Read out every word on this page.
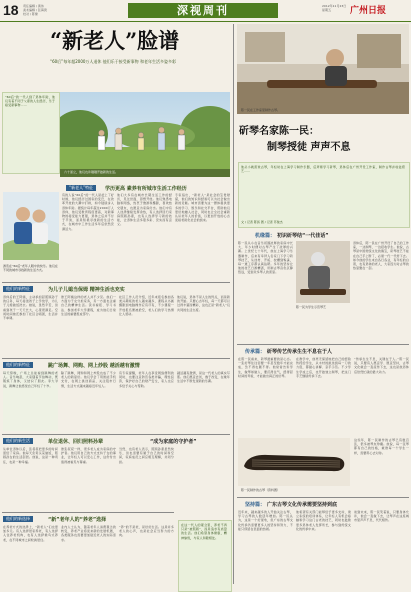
18 责任编辑 / 黄伟
美术编辑 / 张海滨
校对 / 陈健	深视周刊	2012年11月23日
星期五	广州日报
“新老人”脸谱
“60后”每年超2000万人退休 他们乐于接受新事物 和老年生活多姿多彩
“60后”的一代人到了退休年龄，他们有着不同于父辈的人生经历，乐于接受新事物……
六十而立，他们也许刚刚开始新的生活。
“新老人”特征	学历更高 素养有所城市生活工作经历
游览在“60后”老年人眼中的快乐。他们在不同的城市寻找新的生活方式。
有的人说“60后”的一代人是赶上了好时候，他们经历过国家的变迁，在改革开放的大潮中打拼，如今陆续步入退休年龄。据统计每年超过2000万人退休，他们受教育程度更高，对新事物的接受能力更强，退休之后并不甘于平淡，而是积极寻找新的生活方式，在城市中工作生活多年后依然充满活力。
他们大多有在城市长期生活工作的经历，见过世面，思想开放。他们熟悉电脑和网络，热衷于旅游和摄影，喜欢结交朋友，也愿意为家庭付出。他们中有人选择继续发挥余热，有人选择回归家庭照顾孙辈，也有人选择学习新的技能，让退休生活多姿多彩、充实而有意义。
专家指出，“新老人”是社会的宝贵财富，他们的知识和经验可以为社会做出新的贡献。城市需要为这一群体提供更多的学习、娱乐和社交平台，帮助他们更好地融入社会，同时也让全社会重新认识老年人的价值，以更加开放的心态迎接老龄化社会的到来。
他们的新特征	为儿子儿媳当保姆 精神生活也充实
退休后的王阿姨，主动承担起照顾孙子的任务，每天接送孩子上学放学，为儿子儿媳做饭洗衣。她说，虽然辛苦，但看到孩子一天天长大，心里很满足。空闲时间她还参加了社区合唱团，生活并不单调。
像王阿姨这样的老人并不少见。他们一方面为子女分担家务，另一方面也注重自己的精神生活。读书看报、学习书法、参加老年大学课程，成为他们日常生活的重要组成部分。
社区工作人员介绍，近年来报名参加各类兴趣班的老人越来越多，课程从书画摄影到电脑操作应有尽有，不少课程一开放报名便被抢空，老人们的学习热情让人感动。
他们说，退休不是人生的终点，而是新的开始。只要心态年轻，每一天都可以过得丰富而精彩，这也正是“新老人”们共同的生活态度。
他们的新特征	跳广场舞、网购、网上炒股 越活越有激情
每天傍晚，广场上总能看到跳舞的老人。音乐响起，大家随着节拍舞动，既锻炼了身体，又结识了朋友。李大爷说，跳舞让他感觉自己年轻了十岁。
除了跳舞，网购和网上炒股也成了不少老人的新爱好。他们学会了用智能手机支付，在网上挑选商品，关注股市行情，生活方式越来越接近年轻人。
有专家提醒，老年人在享受网络便利的同时，也要注意防范各类诈骗，理性投资，保护好自己的财产安全，家人也应多给予关心与帮助。
越活越有激情，是这一代老人的真实写照。他们愿意尝试，敢于改变，在晚年生活中不断发现新的乐趣。
他们的新生活	单位退休、回归照料孙辈	“成为家庭的守护者”
从单位退休以后，张叔叔把更多的时间留给了家庭。他每天负责买菜做饭，照顾孙女的生活起居。他说，这是一种责任，也是一种幸福。
像张叔叔一样，很多老人成为家庭的守护者。他们用自己的方式支持子女的事业，让年轻人可以安心工作，这份付出值得被看见与尊重。
当然，也有老人表示，照顾孙辈虽然快乐，但也需要有属于自己的时间和空间，家庭成员之间应相互理解，共同分担。
在这一代人的观念里，养老不再只是“被照顾”，而是追求有质量的生活。他们希望身体健康，精神愉悦，与家人和睦相处。
他们的新选择	“新”老年人的“养老”选择
在养老方式的选择上，“新老人”们也更加多元。有人选择居家养老，有人选择入住养老机构，也有人选择候鸟式养老，在不同城市之间轮换居住。
业内人士认为，随着老年人消费观念的转变，养老产业将迎来新的发展机遇，各类服务也需要更加贴近老人的实际需求。
“养”的不是老，是好好生活。这是许多老人的心声，也是社会应当努力的方向。
陈一民在工作室里制作古琴。
斫琴名家陈一民：
制琴授徒 声声不息
他从小就喜欢古琴，年轻时在上海学习制作乐器，后拜师学习斫琴，退休后在广州开设工作室，制作古琴并收徒授艺……
文 / 记者 陈扬 图 / 记者 苏俊杰
机缘篇： 初识斫琴结“一代佳话”
陈一民从小在音乐氛围浓厚的家庭中长大，年少时便对古琴产生了浓厚的兴趣。上世纪七十年代，他在上海学习乐器制作，后来有幸拜入名家门下学习斫琴技艺，从选材、开板、挖槽到髹漆，每一道工序都认真钻研。多年的坚持让他的技艺日渐精湛，所制古琴音色沉静悠远，受到众多琴人的喜爱。
陈一民为学生示范琴艺
退休后，陈一民在广州开设了自己的工作室，一边制琴，一边招收学生。他说，古琴是中国传统文化的瑰宝，斫琴技艺不能在自己手上断了，必须一代一代传下去。如今他的学生来自各行各业，有年轻的白领，也有退休的老人，大家因为对古琴的热爱聚在一起。
传承篇： 斫琴传艺传承生生不息在于人
在陈一民看来，斫琴最重要的是心态。一张好琴往往需要一年甚至数年才能完成，急不得也躁不得。他常常告诉学生，做琴如做人，要沉得住气，经得起时间的考验，才能做出真正的好琴。
在教学中，他毫无保留地把自己的经验传授给学生，从木材的挑选到每一刀的力度，都耐心讲解、亲手示范。不少学生学成之后，也开始独立制琴，把这门手艺继续传承下去。
“传承生生不息，关键在于人。”陈一民说，只要有人愿意学、愿意坚持，古琴文化就会一直流传下去，这也是他退休后依然忙碌的最大动力。
陈一民制作的古琴（资料图）
这些年，陈一民制作的古琴已有数百张，很多被琴友珍藏。他说，每一张琴都有自己的性格，就像每一个学生一样，需要用心去对待。
坚持篇： 广东古琴文化传承需要坚持到底
近年来，越来越多的人开始关注古琴，学习古琴的人数逐年增加。陈一民认为，这是一个好现象，但广东的古琴文化传承仍需要更多人的坚持和努力，不能只停留在表面的热闹。
他希望有关部门能够给予更多支持，建立系统的培训体系，让年轻人有机会接触和学习这门古老的技艺，同时也鼓励更多退休老人发挥所长，参与到传统文化的传承中来。
谈到未来，陈一民笑着说，只要身体允许，他会一直做下去，让琴声在这座城市里声声不息，代代相传。
